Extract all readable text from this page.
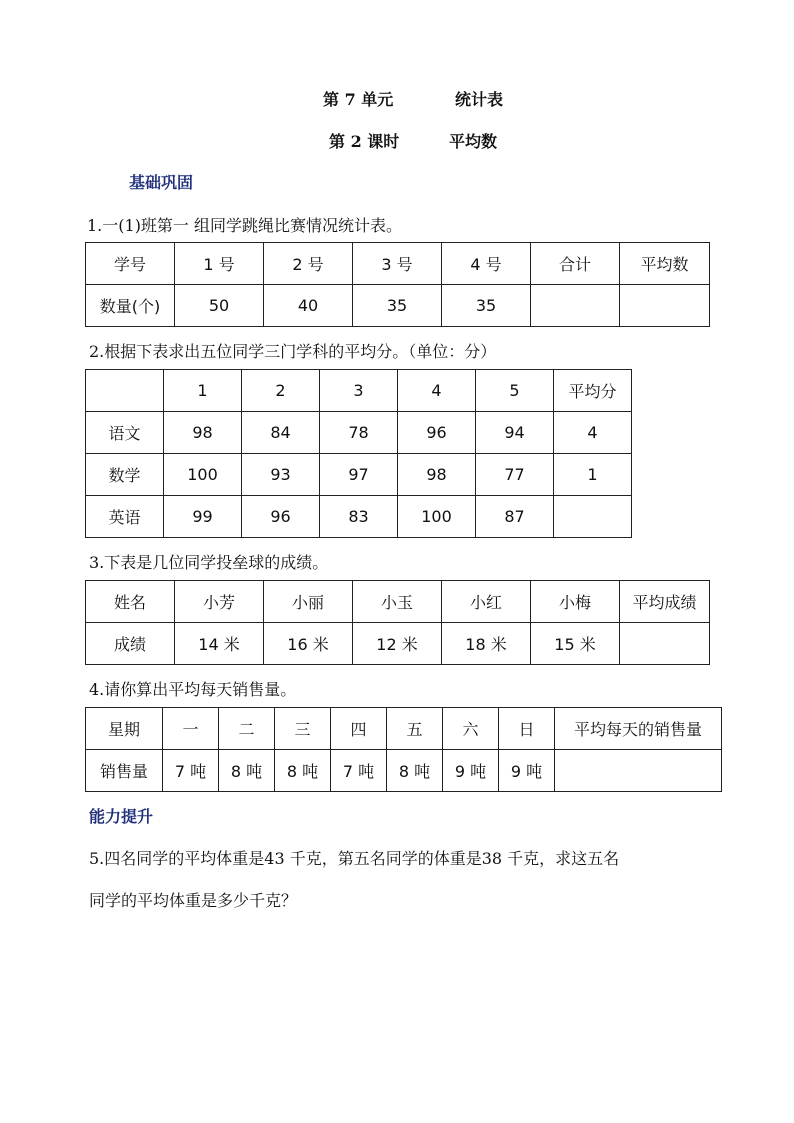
第 7 单元	统计表
第 2 课时	平均数
基础巩固
1.一(1)班第一 组同学跳绳比赛情况统计表。
学号	1 号	2 号	3 号	4 号	合计	平均数
数量(个)	50	40	35	35		
2.根据下表求出五位同学三门学科的平均分。（单位：分）
	1	2	3	4	5	平均分
语文	98	84	78	96	94	4
数学	100	93	97	98	77	1
英语	99	96	83	100	87	
3.下表是几位同学投垒球的成绩。
姓名	小芳	小丽	小玉	小红	小梅	平均成绩
成绩	14 米	16 米	12 米	18 米	15 米	
4.请你算出平均每天销售量。
星期	一	二	三	四	五	六	日	平均每天的销售量
销售量	7 吨	8 吨	8 吨	7 吨	8 吨	9 吨	9 吨	
能力提升
5.四名同学的平均体重是43 千克，第五名同学的体重是38 千克，求这五名
同学的平均体重是多少千克？
